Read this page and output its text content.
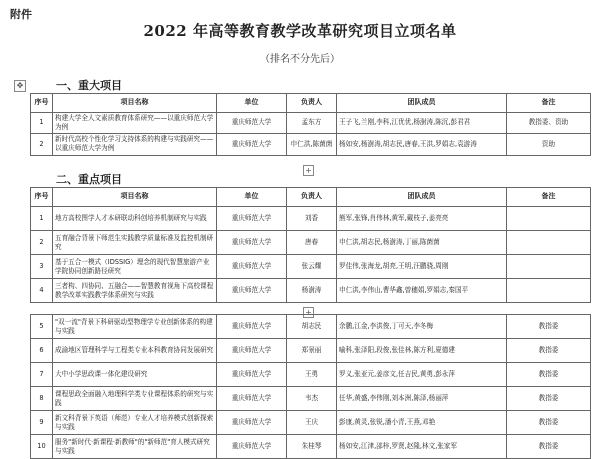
附件
2022 年高等教育教学改革研究项目立项名单
（排名不分先后）
✥	一、重大项目
序号	项目名称	单位	负责人	团队成员	备注
1	构建大学全人文素质教育体系研究——以重庆师范大学为例	重庆师范大学	孟东方	王子飞,兰刚,李科,江优优,杨澍涛,陈沉,彭君君	教指委、资助
2	新时代高校个性化学习支持体系的构建与实践研究——以重庆师范大学为例	重庆师范大学	申仁洪,陈菌菌	杨如安,杨澍涛,胡志民,唐春,王洪,罗娟志,袁游涛	资助
+
二、重点项目
序号	项目名称	单位	负责人	团队成员	备注
1	地方高校图学人才本研联动科创培养机制研究与实践	重庆师范大学	刘香	熊军,张锋,肖伟林,黄军,戴枝子,姜亮亮	
2	五育融合背景下师范生实践教学质量标准及监控机制研究	重庆师范大学	唐春	申仁洪,胡志民,杨澍涛,丁丽,陈菌菌	
3	基于五合一模式（IDSSIG）理念的现代智慧旅游产业学院协同创新路径研究	重庆师范大学	张云耀	罗佳伟,张海龙,胡亮,王明,汪鹏骁,周刚	
4	三者构、四协同、五融合——智慧教育视角下高校课程教学改革实践教学体系研究与实践	重庆师范大学	杨澍涛	申仁洪,李伟山,曹华鑫,曾穗娟,罗娟志,秦国平	
+
5	"双一流"背景下科研驱动型物理学专业创新体系的构建与实践	重庆师范大学	胡志民	余鹏,江金,李洪俊,丁可天,李冬梅	教指委
6	成渝地区管理科学与工程类专业本科教育协同发展研究	重庆师范大学	郑景丽	喻科,张泽阳,段俊,张佳林,陈方利,夏德建	教指委
7	大中小学思政课一体化建设研究	重庆师范大学	王勇	罗义,张亚元,姜彦文,任吉民,黄勇,彭永萍	教指委
8	课程思政全面融入地理科学类专业课程体系的研究与实践	重庆师范大学	韦杰	任华,黄盛,李伟刚,刘本洲,陈泽,杨丽萍	教指委
9	新文科背景下英语（师范）专业人才培养模式创新探索与实践	重庆师范大学	王庆	彭康,黄灵,张锐,潘小青,王燕,邓艳	教指委
10	服务"新时代·新课程·新教师"的"新师范"育人模式研究与实践	重庆师范大学	朱桂琴	杨如安,江津,邵梓,罗贤,赵隆,林文,张家军	教指委
